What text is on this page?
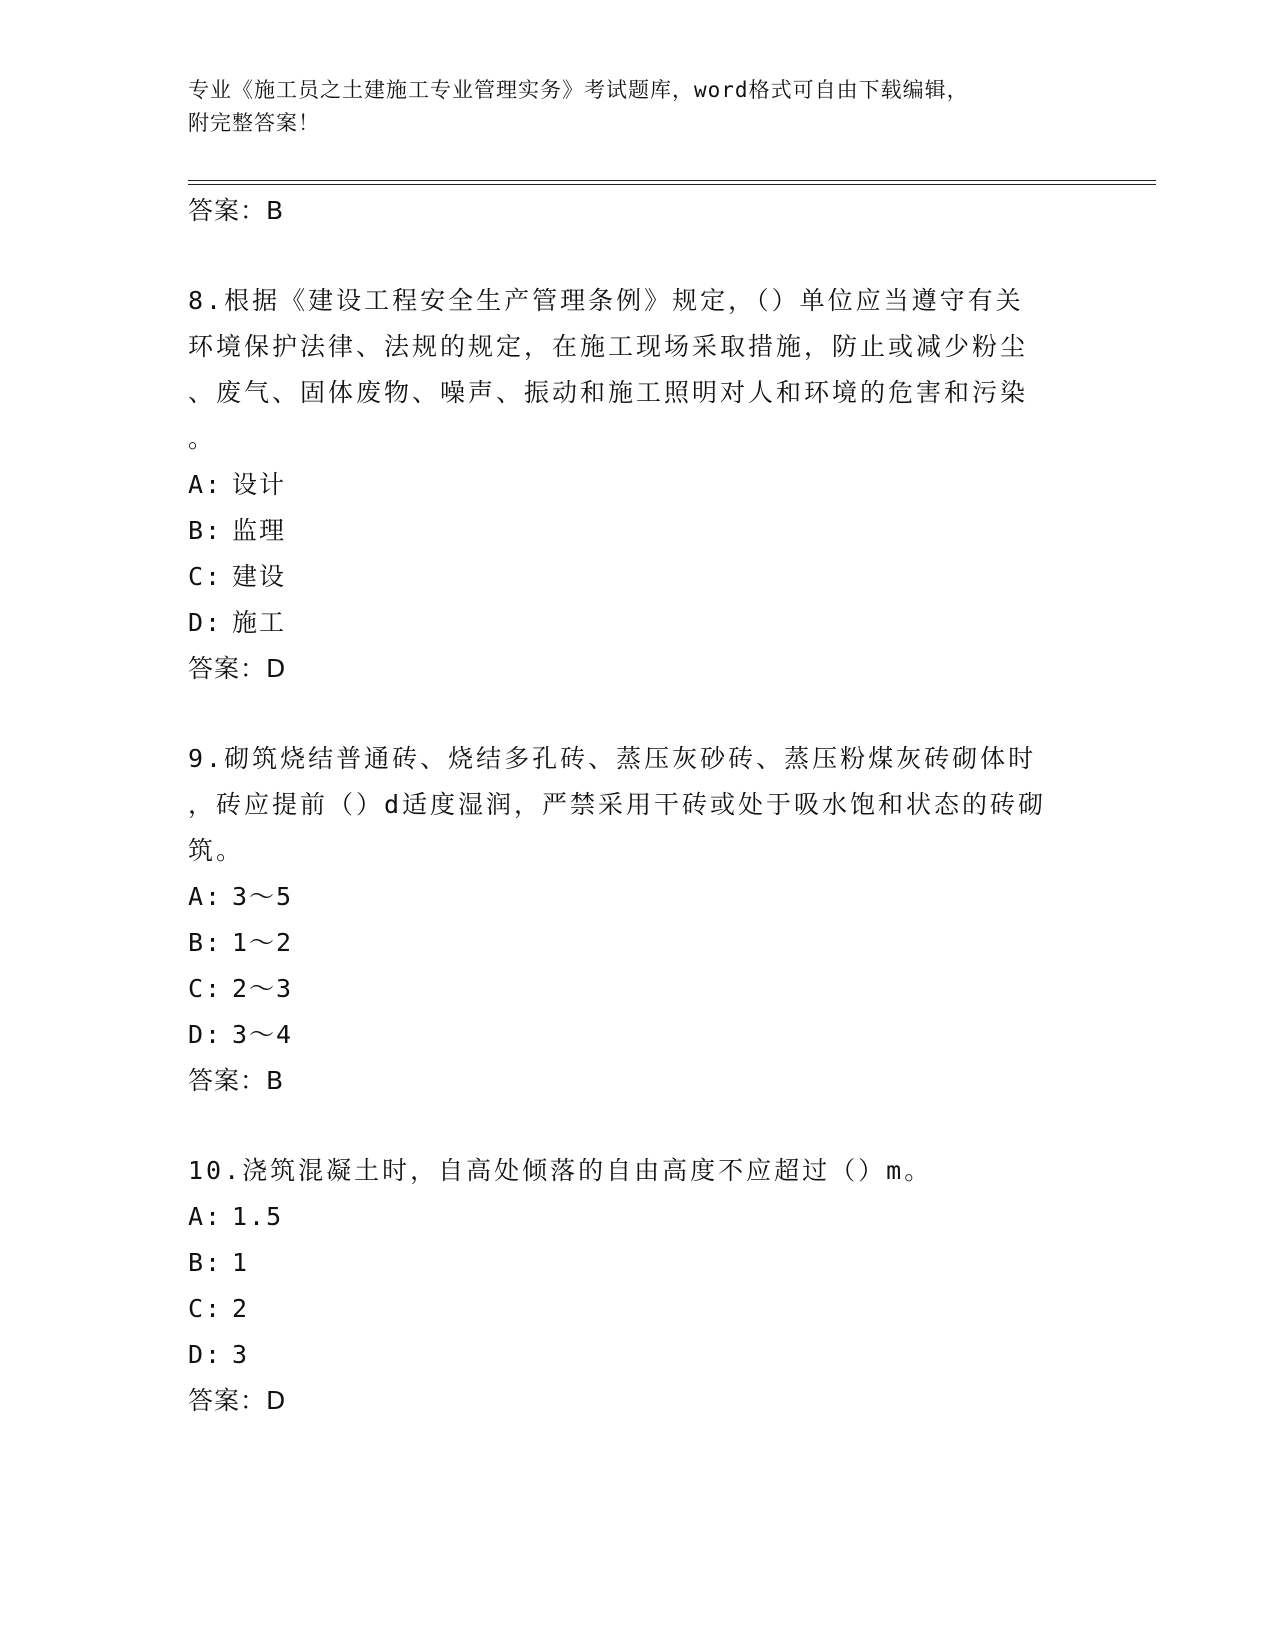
专业《施工员之土建施工专业管理实务》考试题库，word格式可自由下载编辑，
附完整答案！
答案：B
8.根据《建设工程安全生产管理条例》规定，（）单位应当遵守有关
环境保护法律、法规的规定，在施工现场采取措施，防止或减少粉尘
、废气、固体废物、噪声、振动和施工照明对人和环境的危害和污染
。
A: 设计
B: 监理
C: 建设
D: 施工
答案：D
9.砌筑烧结普通砖、烧结多孔砖、蒸压灰砂砖、蒸压粉煤灰砖砌体时
，砖应提前（）d适度湿润，严禁采用干砖或处于吸水饱和状态的砖砌
筑。
A: 3～5
B: 1～2
C: 2～3
D: 3～4
答案：B
10.浇筑混凝土时，自高处倾落的自由高度不应超过（）m。
A: 1.5
B: 1
C: 2
D: 3
答案：D
